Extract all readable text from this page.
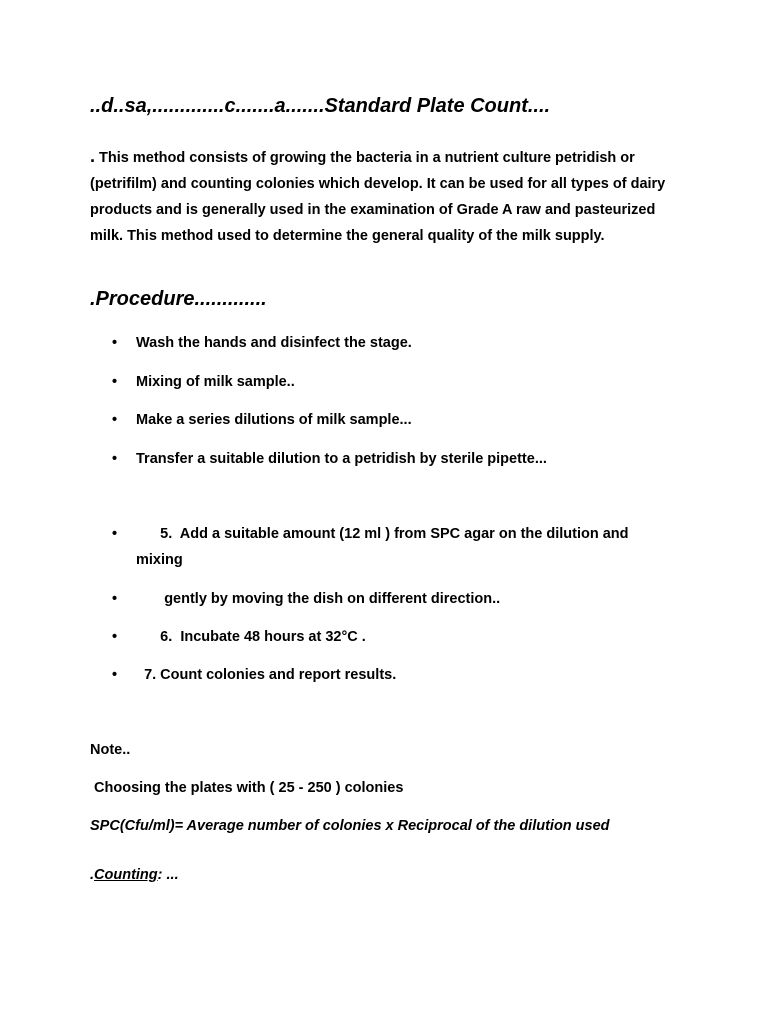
..d..sa,.............c.......a.......Standard Plate Count....

. This method consists of growing the bacteria in a nutrient culture petridish or (petrifilm) and counting colonies which develop. It can be used for all types of dairy products and is generally used in the examination of Grade A raw and pasteurized milk. This method used to determine the general quality of the milk supply.

.Procedure.............
•	Wash the hands and disinfect the stage.
•	Mixing of milk sample..
•	Make a series dilutions of milk sample...
•	Transfer a suitable dilution to a petridish by sterile pipette...
•	5.  Add a suitable amount (12 ml ) from SPC agar on the dilution and mixing
•	gently by moving the dish on different direction..
•	6.  Incubate 48 hours at 32°C .
•	7. Count colonies and report results.
Note..
Choosing the plates with ( 25 - 250 ) colonies
SPC(Cfu/ml)= Average number of colonies x Reciprocal of the dilution used
.Counting: ...
